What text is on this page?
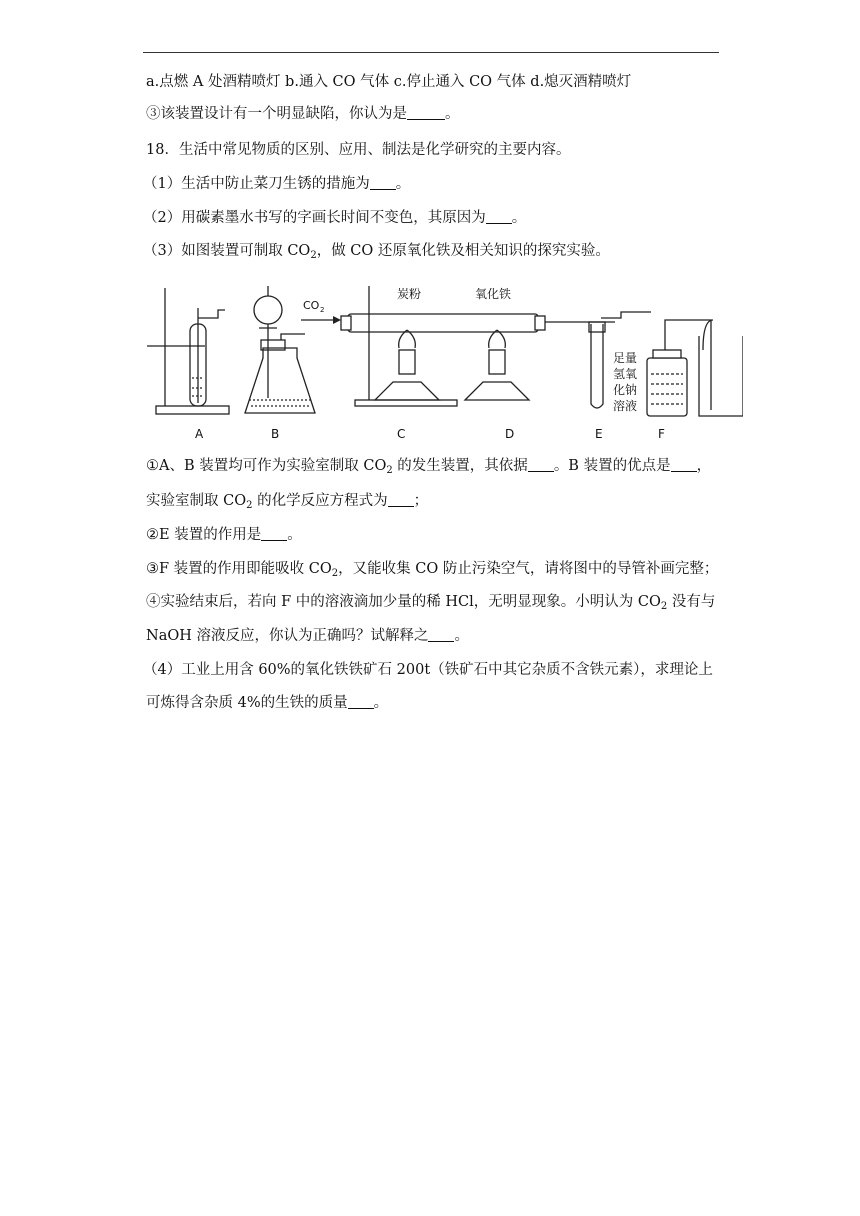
a.点燃 A 处酒精喷灯 b.通入 CO 气体 c.停止通入 CO 气体 d.熄灭酒精喷灯
③该装置设计有一个明显缺陷，你认为是	。
18．生活中常见物质的区别、应用、制法是化学研究的主要内容。
（1）生活中防止菜刀生锈的措施为 。
（2）用碳素墨水书写的字画长时间不变色，其原因为 。
（3）如图装置可制取 $CO_2$，做 CO 还原氧化铁及相关知识的探究实验。
CO 2
炭粉	氧化铁
足量
氢氧
化钠
溶液
A	B	C	D	E	F
①A、B 装置均可作为实验室制取 $CO_2$ 的发生装置，其依据 。B 装置的优点是 ，
实验室制取 $CO_2$ 的化学反应方程式为 ；
②E 装置的作用是 。
③F 装置的作用即能吸收 $CO_2$，又能收集 CO 防止污染空气，请将图中的导管补画完整；
④实验结束后，若向 F 中的溶液滴加少量的稀 HCl，无明显现象。小明认为 $CO_2$ 没有与
NaOH 溶液反应，你认为正确吗？试解释之 。
（4）工业上用含 60%的氧化铁铁矿石 200t（铁矿石中其它杂质不含铁元素），求理论上
可炼得含杂质 4%的生铁的质量 。
